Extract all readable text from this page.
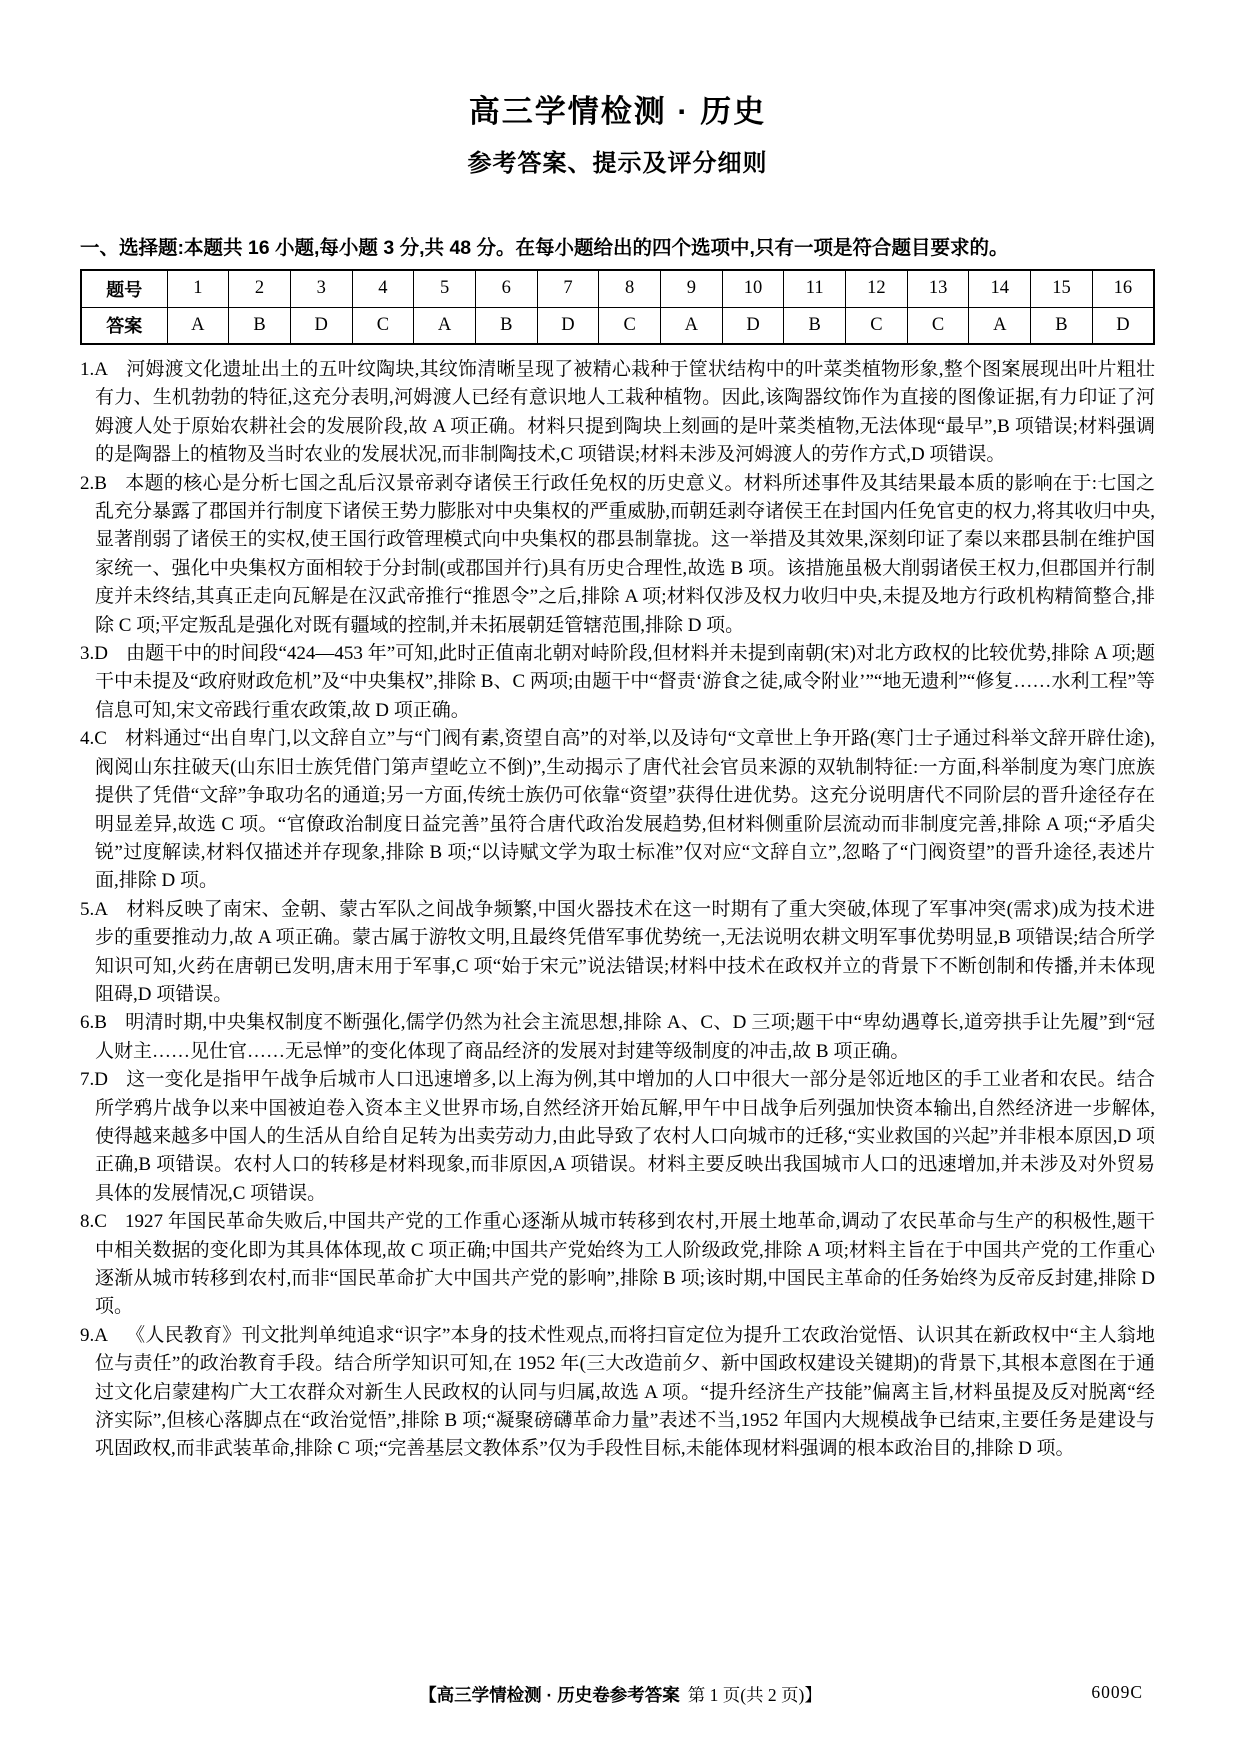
高三学情检测 · 历史
参考答案、提示及评分细则
一、选择题:本题共 16 小题,每小题 3 分,共 48 分。在每小题给出的四个选项中,只有一项是符合题目要求的。
题号	1	2	3	4	5	6	7	8	9	10	11	12	13	14	15	16
答案	A	B	D	C	A	B	D	C	A	D	B	C	C	A	B	D

1.A 河姆渡文化遗址出土的五叶纹陶块,其纹饰清晰呈现了被精心栽种于筐状结构中的叶菜类植物形象,整个图案展现出叶片粗壮有力、生机勃勃的特征,这充分表明,河姆渡人已经有意识地人工栽种植物。因此,该陶器纹饰作为直接的图像证据,有力印证了河姆渡人处于原始农耕社会的发展阶段,故 A 项正确。材料只提到陶块上刻画的是叶菜类植物,无法体现“最早”,B 项错误;材料强调的是陶器上的植物及当时农业的发展状况,而非制陶技术,C 项错误;材料未涉及河姆渡人的劳作方式,D 项错误。

2.B 本题的核心是分析七国之乱后汉景帝剥夺诸侯王行政任免权的历史意义。材料所述事件及其结果最本质的影响在于:七国之乱充分暴露了郡国并行制度下诸侯王势力膨胀对中央集权的严重威胁,而朝廷剥夺诸侯王在封国内任免官吏的权力,将其收归中央,显著削弱了诸侯王的实权,使王国行政管理模式向中央集权的郡县制靠拢。这一举措及其效果,深刻印证了秦以来郡县制在维护国家统一、强化中央集权方面相较于分封制(或郡国并行)具有历史合理性,故选 B 项。该措施虽极大削弱诸侯王权力,但郡国并行制度并未终结,其真正走向瓦解是在汉武帝推行“推恩令”之后,排除 A 项;材料仅涉及权力收归中央,未提及地方行政机构精简整合,排除 C 项;平定叛乱是强化对既有疆域的控制,并未拓展朝廷管辖范围,排除 D 项。

3.D 由题干中的时间段“424—453 年”可知,此时正值南北朝对峙阶段,但材料并未提到南朝(宋)对北方政权的比较优势,排除 A 项;题干中未提及“政府财政危机”及“中央集权”,排除 B、C 两项;由题干中“督责‘游食之徒,咸令附业’”“地无遗利”“修复……水利工程”等信息可知,宋文帝践行重农政策,故 D 项正确。

4.C 材料通过“出自卑门,以文辞自立”与“门阀有素,资望自高”的对举,以及诗句“文章世上争开路(寒门士子通过科举文辞开辟仕途),阀阅山东拄破天(山东旧士族凭借门第声望屹立不倒)”,生动揭示了唐代社会官员来源的双轨制特征:一方面,科举制度为寒门庶族提供了凭借“文辞”争取功名的通道;另一方面,传统士族仍可依靠“资望”获得仕进优势。这充分说明唐代不同阶层的晋升途径存在明显差异,故选 C 项。“官僚政治制度日益完善”虽符合唐代政治发展趋势,但材料侧重阶层流动而非制度完善,排除 A 项;“矛盾尖锐”过度解读,材料仅描述并存现象,排除 B 项;“以诗赋文学为取士标准”仅对应“文辞自立”,忽略了“门阀资望”的晋升途径,表述片面,排除 D 项。

5.A 材料反映了南宋、金朝、蒙古军队之间战争频繁,中国火器技术在这一时期有了重大突破,体现了军事冲突(需求)成为技术进步的重要推动力,故 A 项正确。蒙古属于游牧文明,且最终凭借军事优势统一,无法说明农耕文明军事优势明显,B 项错误;结合所学知识可知,火药在唐朝已发明,唐末用于军事,C 项“始于宋元”说法错误;材料中技术在政权并立的背景下不断创制和传播,并未体现阻碍,D 项错误。

6.B 明清时期,中央集权制度不断强化,儒学仍然为社会主流思想,排除 A、C、D 三项;题干中“卑幼遇尊长,道旁拱手让先履”到“冠人财主……见仕官……无忌惮”的变化体现了商品经济的发展对封建等级制度的冲击,故 B 项正确。

7.D 这一变化是指甲午战争后城市人口迅速增多,以上海为例,其中增加的人口中很大一部分是邻近地区的手工业者和农民。结合所学鸦片战争以来中国被迫卷入资本主义世界市场,自然经济开始瓦解,甲午中日战争后列强加快资本输出,自然经济进一步解体,使得越来越多中国人的生活从自给自足转为出卖劳动力,由此导致了农村人口向城市的迁移,“实业救国的兴起”并非根本原因,D 项正确,B 项错误。农村人口的转移是材料现象,而非原因,A 项错误。材料主要反映出我国城市人口的迅速增加,并未涉及对外贸易具体的发展情况,C 项错误。

8.C 1927 年国民革命失败后,中国共产党的工作重心逐渐从城市转移到农村,开展土地革命,调动了农民革命与生产的积极性,题干中相关数据的变化即为其具体体现,故 C 项正确;中国共产党始终为工人阶级政党,排除 A 项;材料主旨在于中国共产党的工作重心逐渐从城市转移到农村,而非“国民革命扩大中国共产党的影响”,排除 B 项;该时期,中国民主革命的任务始终为反帝反封建,排除 D 项。

9.A 《人民教育》刊文批判单纯追求“识字”本身的技术性观点,而将扫盲定位为提升工农政治觉悟、认识其在新政权中“主人翁地位与责任”的政治教育手段。结合所学知识可知,在 1952 年(三大改造前夕、新中国政权建设关键期)的背景下,其根本意图在于通过文化启蒙建构广大工农群众对新生人民政权的认同与归属,故选 A 项。“提升经济生产技能”偏离主旨,材料虽提及反对脱离“经济实际”,但核心落脚点在“政治觉悟”,排除 B 项;“凝聚磅礴革命力量”表述不当,1952 年国内大规模战争已结束,主要任务是建设与巩固政权,而非武装革命,排除 C 项;“完善基层文教体系”仅为手段性目标,未能体现材料强调的根本政治目的,排除 D 项。

【高三学情检测 · 历史卷参考答案 第 1 页(共 2 页)】	6009C
